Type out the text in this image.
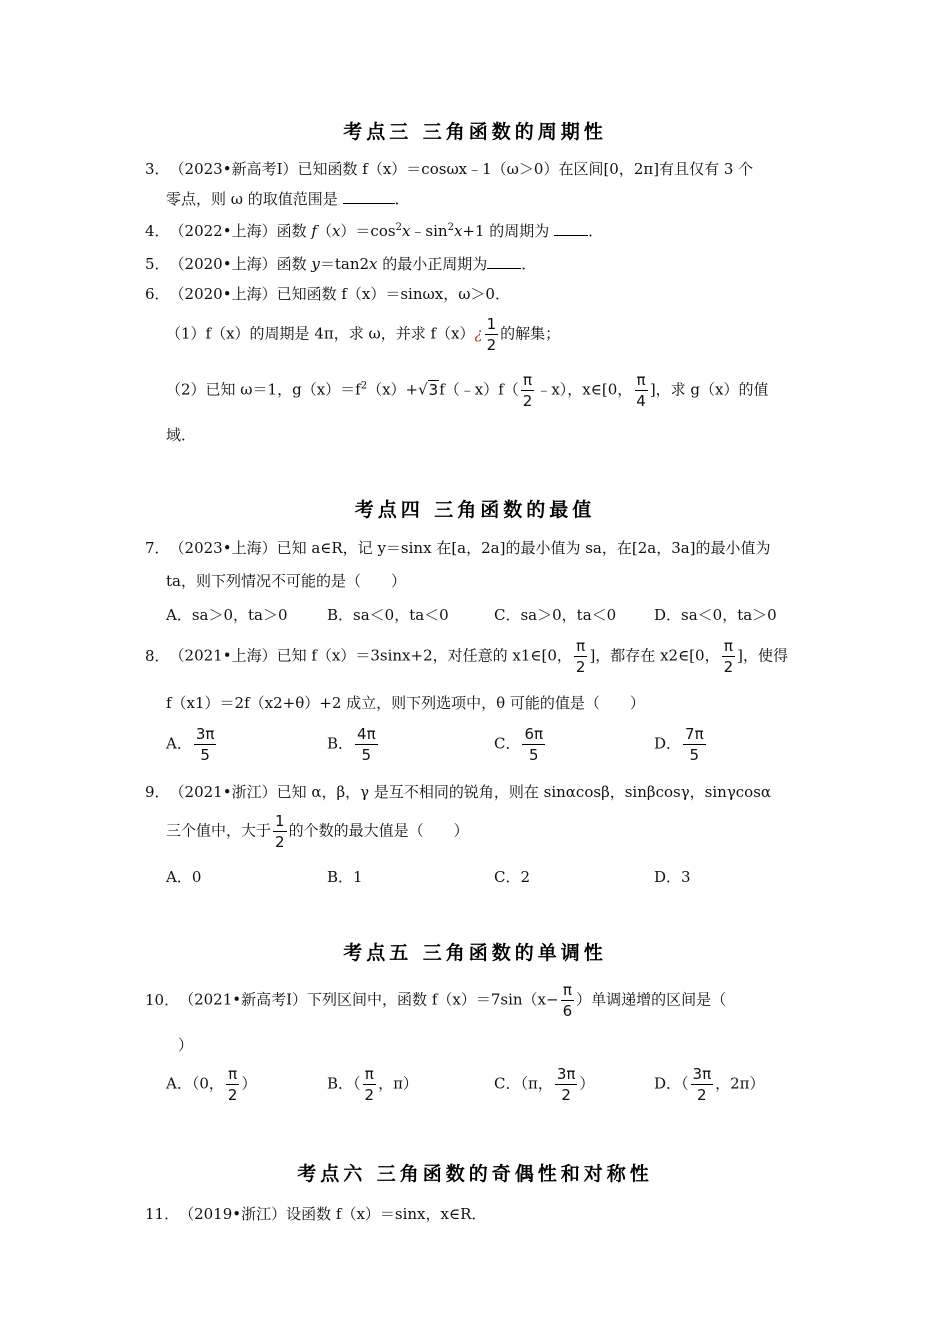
考点三 三角函数的周期性
3．（2023•新高考Ⅰ）已知函数 f（x）＝cosωx﹣1（ω＞0）在区间[0，2π]有且仅有 3 个
零点，则 ω 的取值范围是	．
4．（2022•上海）函数 $f(x)=\cos^2x﹣\sin^2x+1$ 的周期为	．
5．（2020•上海）函数 y＝tan2x 的最小正周期为 ．
6．（2020•上海）已知函数 f（x）＝sinωx，ω＞0．
（1）f（x）的周期是 4π，求 ω，并求 f（x）¿ $\frac{1}{2}$ 的解集；
（2）已知 ω＝1，$g(x)=f^2(x)+√3f(﹣x)f( \frac{\pi}{2}$ ﹣x），x∈[0， $\frac{\pi}{4}$ ]，求 g（x）的值
域．
考点四 三角函数的最值
7．（2023•上海）已知 a∈R，记 y＝sinx 在[a，2a]的最小值为 sa，在[2a，3a]的最小值为
ta，则下列情况不可能的是（　　）
A．sa＞0，ta＞0	B．sa＜0，ta＜0	C．sa＞0，ta＜0	D．sa＜0，ta＞0
8．（2021•上海）已知 f（x）＝3sinx+2，对任意的 x1∈[0， $\frac{\pi}{2}$ ]，都存在 x2∈[0， $\frac{\pi}{2}$ ]，使得
f（x1）＝2f（x2+θ）+2 成立，则下列选项中，θ 可能的值是（　　）
A． $\frac{3\pi}{5}$	B． $\frac{4\pi}{5}$	C． $\frac{6\pi}{5}$	D． $\frac{7\pi}{5}$
9．（2021•浙江）已知 α，β，γ 是互不相同的锐角，则在 sinαcosβ，sinβcosγ，sinγcosα
三个值中，大于 $\frac{1}{2}$ 的个数的最大值是（　　）
A．0	B．1	C．2	D．3
考点五 三角函数的单调性
10．（2021•新高考Ⅰ）下列区间中，函数 $f(x)=7\sin(x- \frac{\pi}{6}$ ）单调递增的区间是（
）
A．（0， $\frac{\pi}{2}$ ）	B．（ $\frac{\pi}{2}$ ，π）	C．（π， $\frac{3\pi}{2}$ ）	D．（ $\frac{3\pi}{2}$ ，2π）
考点六 三角函数的奇偶性和对称性
11．（2019•浙江）设函数 f（x）＝sinx，x∈R．
